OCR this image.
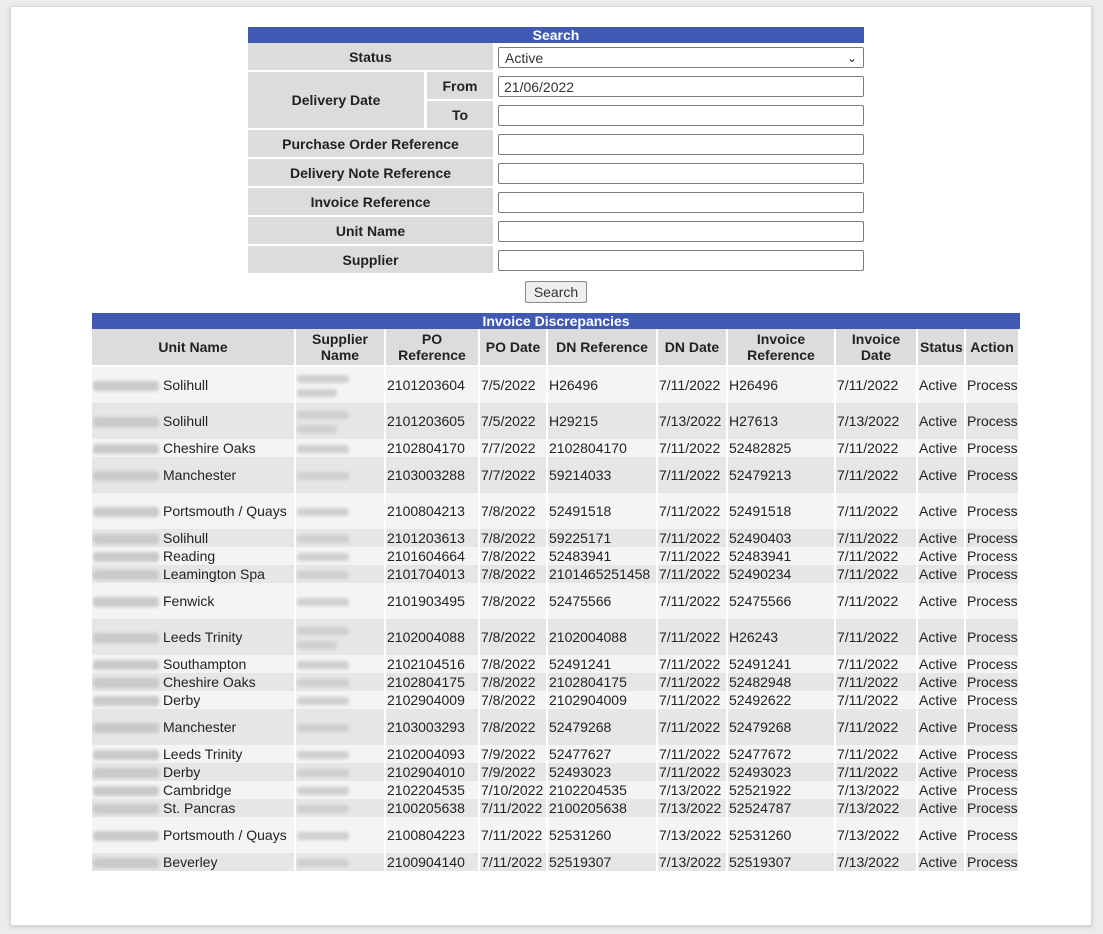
Search		
Status		Active ⌄

Delivery Date	From	
21/06/2022
	To	

Purchase Order Reference	

Delivery Note Reference	

Invoice Reference	

Unit Name	

Supplier	
Search
Invoice Discrepancies
Unit Name	Supplier Name	PO Reference	PO Date	DN Reference	DN Date	Invoice Reference	Invoice Date	Status	Action

Solihull		2101203604	7/5/2022	H26496	7/11/2022	H26496	7/11/2022	Active	Process

Solihull		2101203605	7/5/2022	H29215	7/13/2022	H27613	7/13/2022	Active	Process

Cheshire Oaks		2102804170	7/7/2022	2102804170	7/11/2022	52482825	7/11/2022	Active	Process

Manchester		2103003288	7/7/2022	59214033	7/11/2022	52479213	7/11/2022	Active	Process

Portsmouth / Quays		2100804213	7/8/2022	52491518	7/11/2022	52491518	7/11/2022	Active	Process

Solihull		2101203613	7/8/2022	59225171	7/11/2022	52490403	7/11/2022	Active	Process

Reading		2101604664	7/8/2022	52483941	7/11/2022	52483941	7/11/2022	Active	Process

Leamington Spa		2101704013	7/8/2022	2101465251458	7/11/2022	52490234	7/11/2022	Active	Process

Fenwick		2101903495	7/8/2022	52475566	7/11/2022	52475566	7/11/2022	Active	Process

Leeds Trinity		2102004088	7/8/2022	2102004088	7/11/2022	H26243	7/11/2022	Active	Process

Southampton		2102104516	7/8/2022	52491241	7/11/2022	52491241	7/11/2022	Active	Process

Cheshire Oaks		2102804175	7/8/2022	2102804175	7/11/2022	52482948	7/11/2022	Active	Process

Derby		2102904009	7/8/2022	2102904009	7/11/2022	52492622	7/11/2022	Active	Process

Manchester		2103003293	7/8/2022	52479268	7/11/2022	52479268	7/11/2022	Active	Process

Leeds Trinity		2102004093	7/9/2022	52477627	7/11/2022	52477672	7/11/2022	Active	Process

Derby		2102904010	7/9/2022	52493023	7/11/2022	52493023	7/11/2022	Active	Process

Cambridge		2102204535	7/10/2022	2102204535	7/13/2022	52521922	7/13/2022	Active	Process

St. Pancras		2100205638	7/11/2022	2100205638	7/13/2022	52524787	7/13/2022	Active	Process

Portsmouth / Quays		2100804223	7/11/2022	52531260	7/13/2022	52531260	7/13/2022	Active	Process

Beverley		2100904140	7/11/2022	52519307	7/13/2022	52519307	7/13/2022	Active	Process
